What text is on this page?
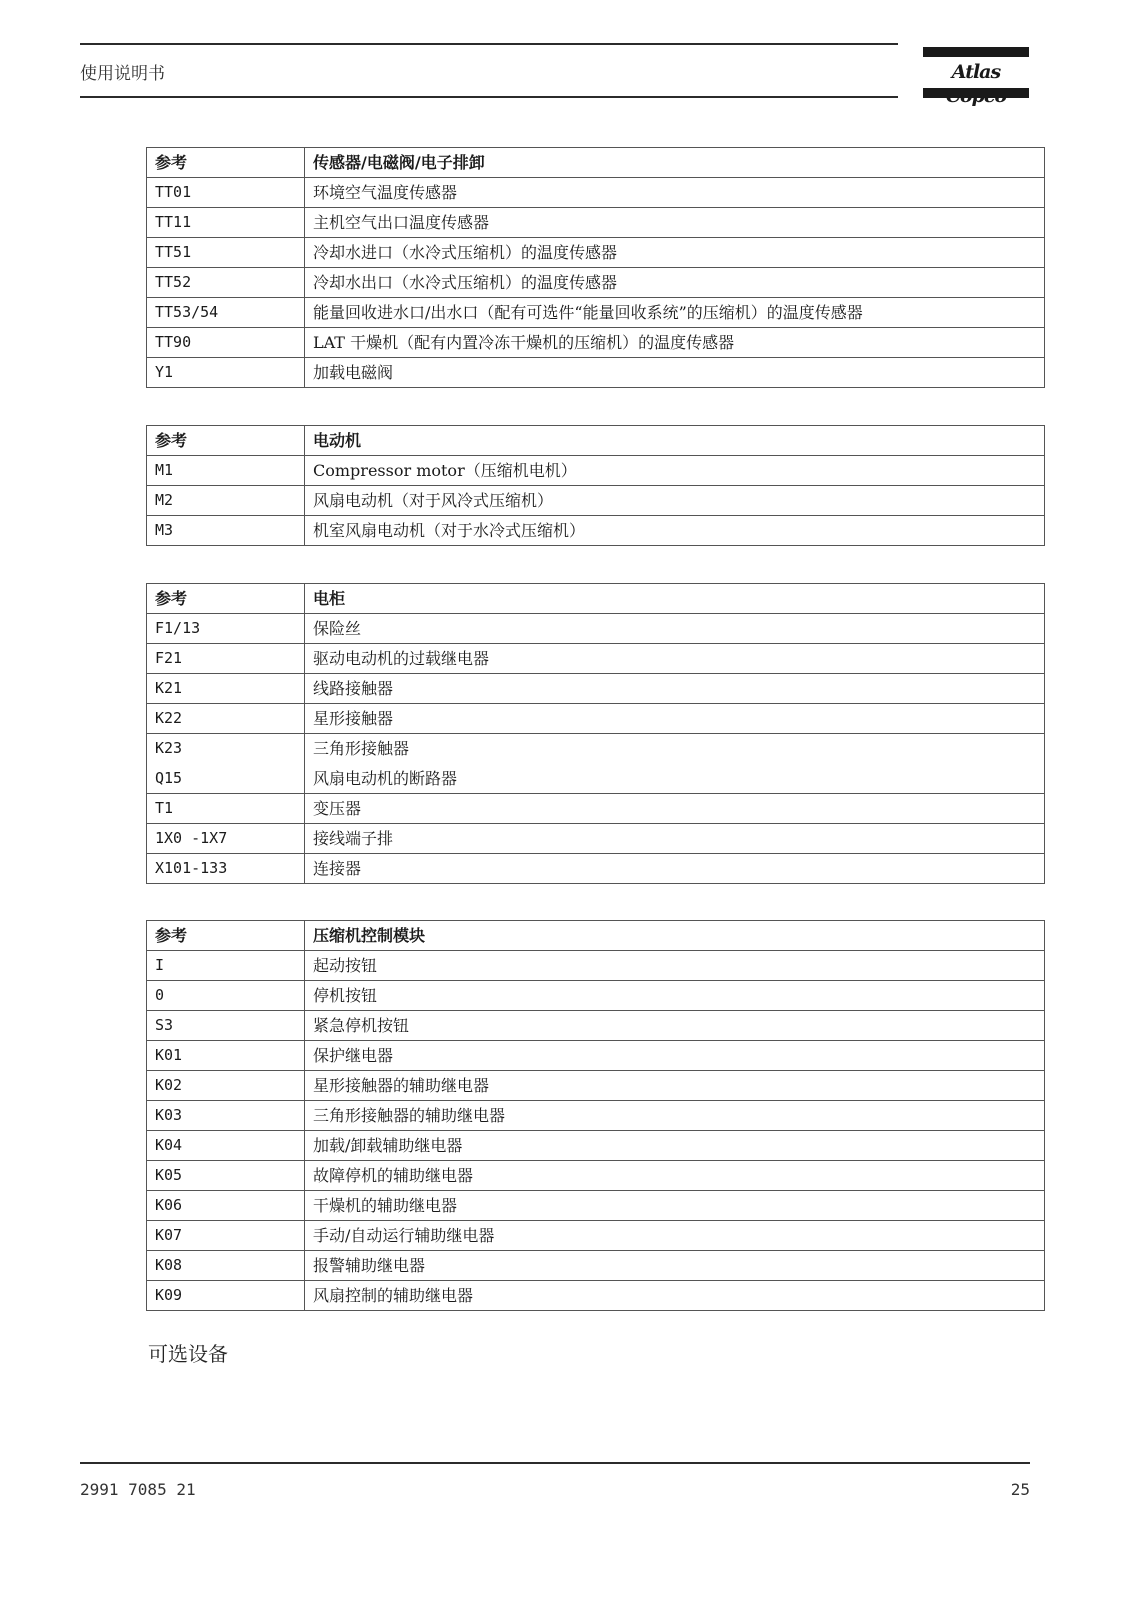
使用说明书	Atlas
参考	传感器/电磁阀/电子排卸
TT01	环境空气温度传感器
TT11	主机空气出口温度传感器
TT51	冷却水进口（水冷式压缩机）的温度传感器
TT52	冷却水出口（水冷式压缩机）的温度传感器
TT53/54	能量回收进水口/出水口（配有可选件“能量回收系统”的压缩机）的温度传感器
TT90	LAT 干燥机（配有内置冷冻干燥机的压缩机）的温度传感器
Y1	加载电磁阀
参考	电动机
M1	Compressor motor（压缩机电机）
M2	风扇电动机（对于风冷式压缩机）
M3	机室风扇电动机（对于水冷式压缩机）
参考	电柜
F1/13	保险丝
F21	驱动电动机的过载继电器
K21	线路接触器
K22	星形接触器
K23	三角形接触器
Q15	风扇电动机的断路器
T1	变压器
1X0 -1X7	接线端子排
X101-133	连接器
参考	压缩机控制模块
I	起动按钮
0	停机按钮
S3	紧急停机按钮
K01	保护继电器
K02	星形接触器的辅助继电器
K03	三角形接触器的辅助继电器
K04	加载/卸载辅助继电器
K05	故障停机的辅助继电器
K06	干燥机的辅助继电器
K07	手动/自动运行辅助继电器
K08	报警辅助继电器
K09	风扇控制的辅助继电器
可选设备
2991 7085 21	25
